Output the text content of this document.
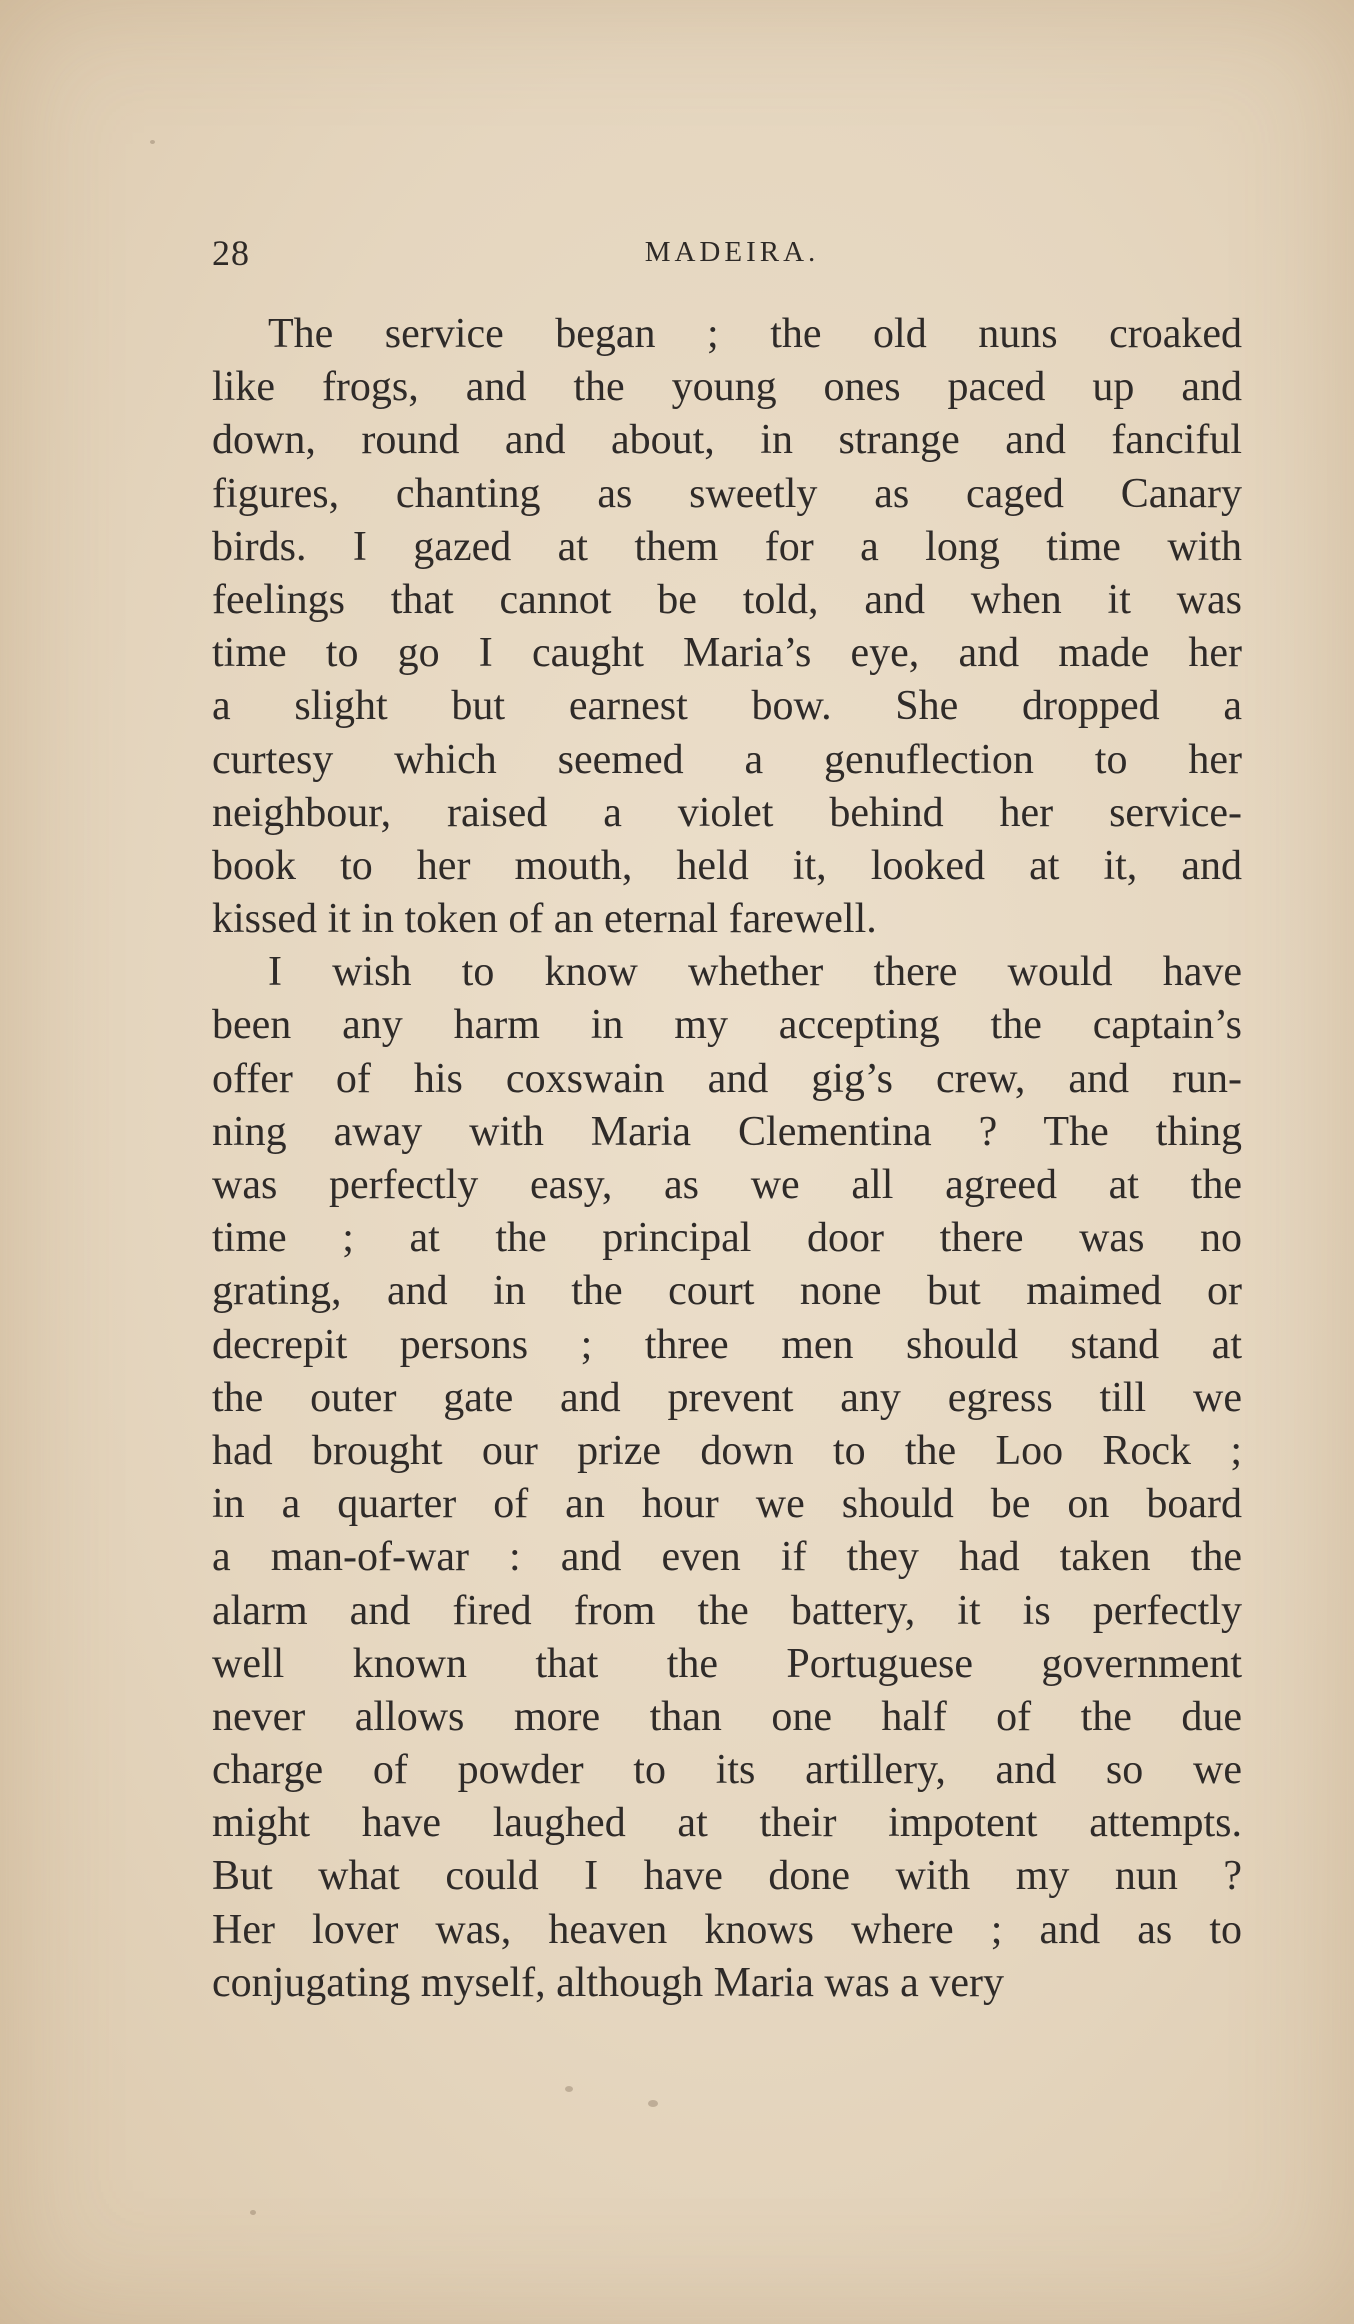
28	MADEIRA.
The service began ; the old nuns croaked
like frogs, and the young ones paced up and
down, round and about, in strange and fanciful
figures, chanting as sweetly as caged Canary
birds. I gazed at them for a long time with
feelings that cannot be told, and when it was
time to go I caught Maria’s eye, and made her
a slight but earnest bow. She dropped a
curtesy which seemed a genuflection to her
neighbour, raised a violet behind her service-
book to her mouth, held it, looked at it, and
kissed it in token of an eternal farewell.
I wish to know whether there would have
been any harm in my accepting the captain’s
offer of his coxswain and gig’s crew, and run-
ning away with Maria Clementina ? The thing
was perfectly easy, as we all agreed at the
time ; at the principal door there was no
grating, and in the court none but maimed or
decrepit persons ; three men should stand at
the outer gate and prevent any egress till we
had brought our prize down to the Loo Rock ;
in a quarter of an hour we should be on board
a man-of-war : and even if they had taken the
alarm and fired from the battery, it is perfectly
well known that the Portuguese government
never allows more than one half of the due
charge of powder to its artillery, and so we
might have laughed at their impotent attempts.
But what could I have done with my nun ?
Her lover was, heaven knows where ; and as to
conjugating myself, although Maria was a very
